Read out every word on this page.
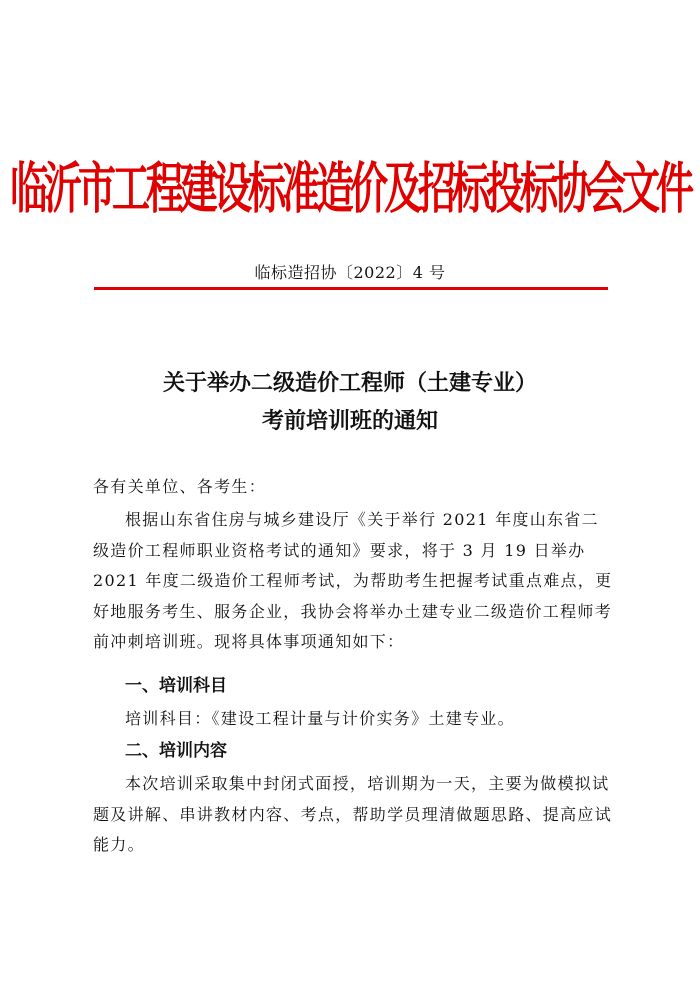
临沂市工程建设标准造价及招标投标协会文件
临标造招协〔2022〕4 号
关于举办二级造价工程师（土建专业）
考前培训班的通知
各有关单位、各考生：
根据山东省住房与城乡建设厅《关于举行 2021 年度山东省二级造价工程师职业资格考试的通知》要求，将于 3 月 19 日举办 2021 年度二级造价工程师考试，为帮助考生把握考试重点难点，更好地服务考生、服务企业，我协会将举办土建专业二级造价工程师考前冲刺培训班。现将具体事项通知如下：
一、培训科目
培训科目：《建设工程计量与计价实务》土建专业。
二、培训内容
本次培训采取集中封闭式面授，培训期为一天，主要为做模拟试题及讲解、串讲教材内容、考点，帮助学员理清做题思路、提高应试能力。
